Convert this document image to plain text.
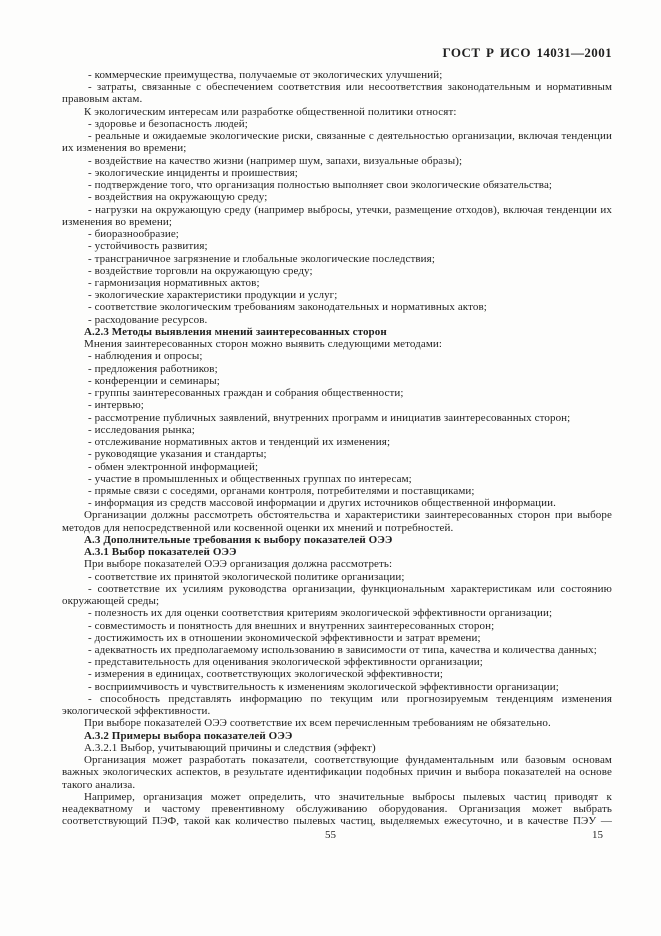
ГОСТ Р ИСО 14031—2001

- коммерческие преимущества, получаемые от экологических улучшений;

- затраты, связанные с обеспечением соответствия или несоответствия законодательным и нормативным правовым актам.

К экологическим интересам или разработке общественной политики относят:

- здоровье и безопасность людей;

- реальные и ожидаемые экологические риски, связанные с деятельностью организации, включая тенденции их изменения во времени;

- воздействие на качество жизни (например шум, запахи, визуальные образы);

- экологические инциденты и проишествия;

- подтверждение того, что организация полностью выполняет свои экологические обязательства;

- воздействия на окружающую среду;

- нагрузки на окружающую среду (например выбросы, утечки, размещение отходов), включая тенденции их изменения во времени;

- биоразнообразие;

- устойчивость развития;

- трансграничное загрязнение и глобальные экологические последствия;

- воздействие торговли на окружающую среду;

- гармонизация нормативных актов;

- экологические характеристики продукции и услуг;

- соответствие экологическим требованиям законодательных и нормативных актов;

- расходование ресурсов.

А.2.3 Методы выявления мнений заинтересованных сторон

Мнения заинтересованных сторон можно выявить следующими методами:

- наблюдения и опросы;

- предложения работников;

- конференции и семинары;

- группы заинтересованных граждан и собрания общественности;

- интервью;

- рассмотрение публичных заявлений, внутренних программ и инициатив заинтересованных сторон;

- исследования рынка;

- отслеживание нормативных актов и тенденций их изменения;

- руководящие указания и стандарты;

- обмен электронной информацией;

- участие в промышленных и общественных группах по интересам;

- прямые связи с соседями, органами контроля, потребителями и поставщиками;

- информация из средств массовой информации и других источников общественной информации.

Организации должны рассмотреть обстоятельства и характеристики заинтересованных сторон при выборе методов для непосредственной или косвенной оценки их мнений и потребностей.

А.3 Дополнительные требования к выбору показателей ОЭЭ

А.3.1 Выбор показателей ОЭЭ

При выборе показателей ОЭЭ организация должна рассмотреть:

- соответствие их принятой экологической политике организации;

- соответствие их усилиям руководства организации, функциональным характеристикам или состоянию окружающей среды;

- полезность их для оценки соответствия критериям экологической эффективности организации;

- совместимость и понятность для внешних и внутренних заинтересованных сторон;

- достижимость их в отношении экономической эффективности и затрат времени;

- адекватность их предполагаемому использованию в зависимости от типа, качества и количества данных;

- представительность для оценивания экологической эффективности организации;

- измерения в единицах, соответствующих экологической эффективности;

- восприимчивость и чувствительность к изменениям экологической эффективности организации;

- способность представлять информацию по текущим или прогнозируемым тенденциям изменения экологической эффективности.

При выборе показателей ОЭЭ соответствие их всем перечисленным требованиям не обязательно.

А.3.2 Примеры выбора показателей ОЭЭ

А.3.2.1 Выбор, учитывающий причины и следствия (эффект)

Организация может разработать показатели, соответствующие фундаментальным или базовым основам важных экологических аспектов, в результате идентификации подобных причин и выбора показателей на основе такого анализа.

Например, организация может определить, что значительные выбросы пылевых частиц приводят к неадекватному и частому превентивному обслуживанию оборудования. Организация может выбрать соответствующий ПЭФ, такой как количество пылевых частиц, выделяемых ежесуточно, и в качестве ПЭУ —

55	15
